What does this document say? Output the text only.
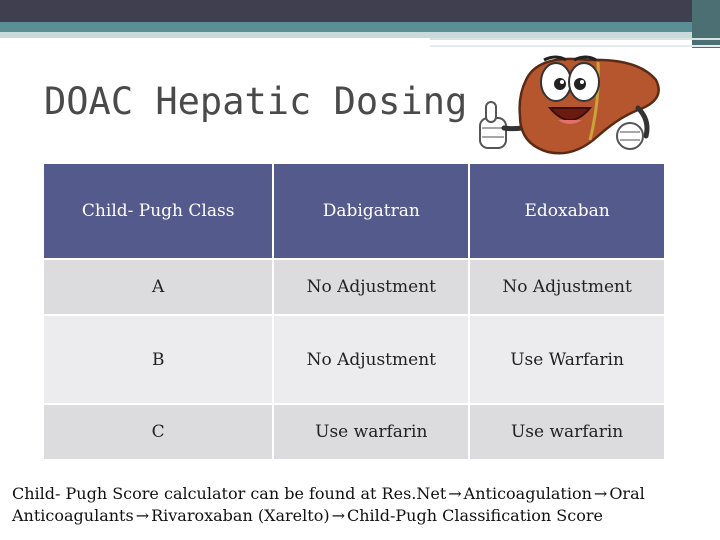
DOAC Hepatic Dosing
Child- Pugh Class	Dabigatran	Edoxaban
A	No Adjustment	No Adjustment
B	No Adjustment	Use Warfarin
C	Use warfarin	Use warfarin
Child- Pugh Score calculator can be found at Res.Net → Anticoagulation → Oral Anticoagulants → Rivaroxaban (Xarelto) → Child-Pugh Classification Score
